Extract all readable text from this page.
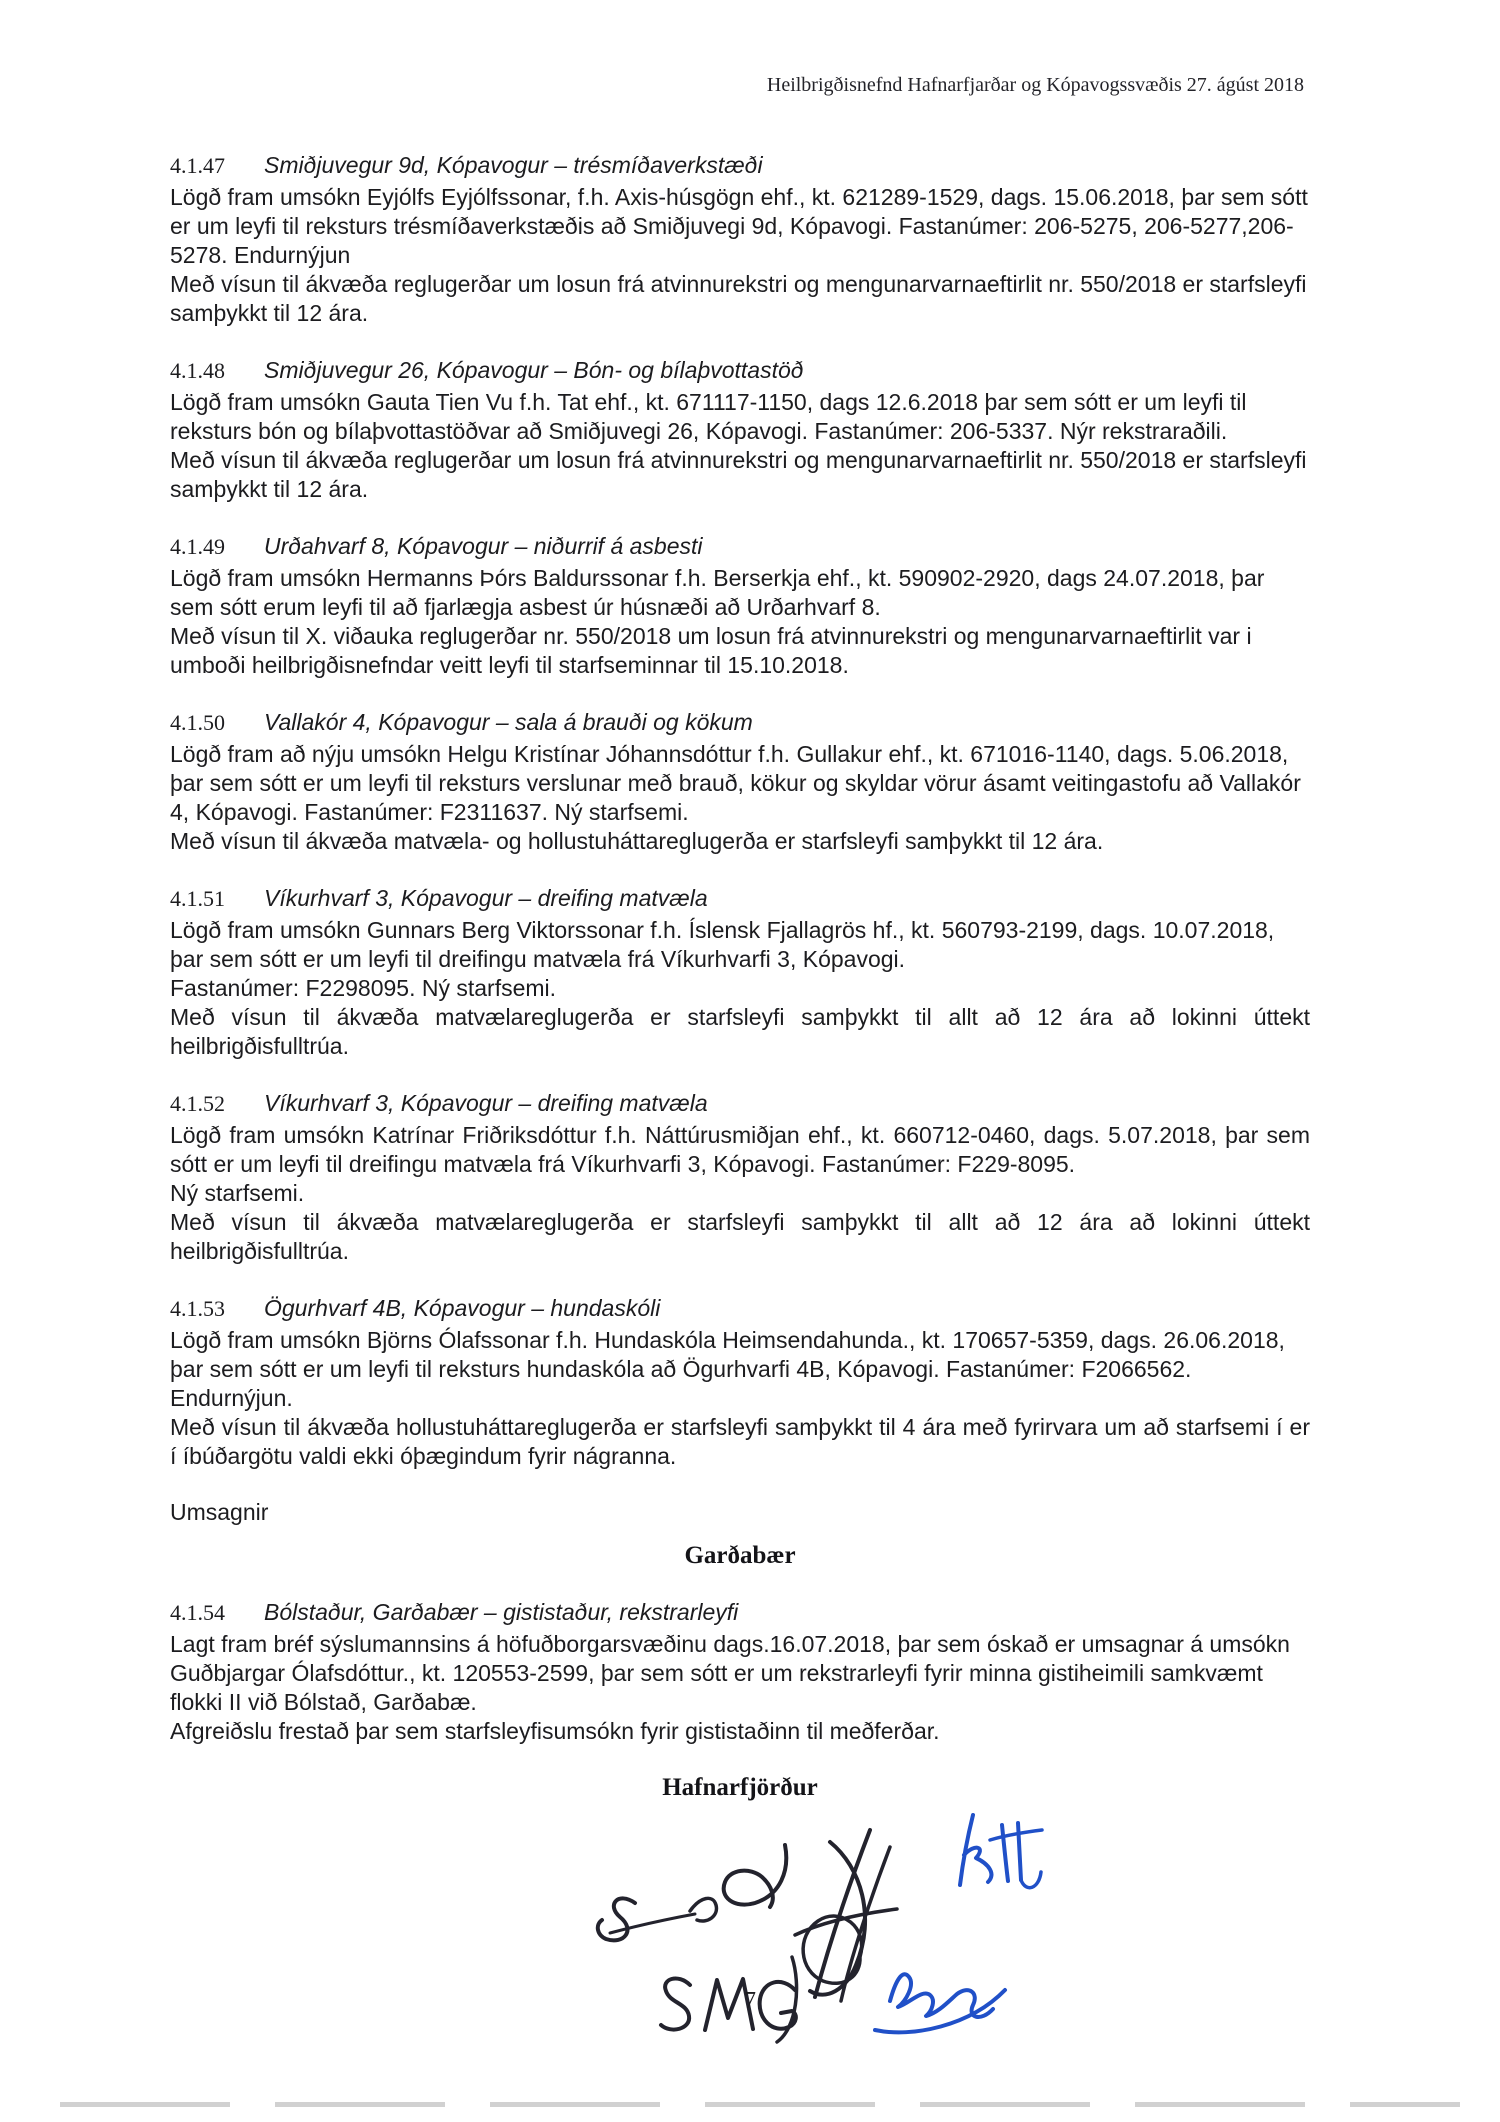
Heilbrigðisnefnd Hafnarfjarðar og Kópavogssvæðis 27. ágúst 2018
4.1.47 Smiðjuvegur 9d, Kópavogur – trésmíðaverkstæði

Lögð fram umsókn Eyjólfs Eyjólfssonar, f.h. Axis-húsgögn ehf., kt. 621289-1529, dags. 15.06.2018, þar sem sótt er um leyfi til reksturs trésmíðaverkstæðis að Smiðjuvegi 9d, Kópavogi. Fastanúmer: 206-5275, 206-5277,206-5278. Endurnýjun

Með vísun til ákvæða reglugerðar um losun frá atvinnurekstri og mengunarvarnaeftirlit nr. 550/2018 er starfsleyfi samþykkt til 12 ára.

4.1.48 Smiðjuvegur 26, Kópavogur – Bón- og bílaþvottastöð

Lögð fram umsókn Gauta Tien Vu f.h. Tat ehf., kt. 671117-1150, dags 12.6.2018 þar sem sótt er um leyfi til reksturs bón og bílaþvottastöðvar að Smiðjuvegi 26, Kópavogi. Fastanúmer: 206-5337. Nýr rekstraraðili.

Með vísun til ákvæða reglugerðar um losun frá atvinnurekstri og mengunarvarnaeftirlit nr. 550/2018 er starfsleyfi samþykkt til 12 ára.

4.1.49 Urðahvarf 8, Kópavogur – niðurrif á asbesti

Lögð fram umsókn Hermanns Þórs Baldurssonar f.h. Berserkja ehf., kt. 590902-2920, dags 24.07.2018, þar sem sótt erum leyfi til að fjarlægja asbest úr húsnæði að Urðarhvarf 8.

Með vísun til X. viðauka reglugerðar nr. 550/2018 um losun frá atvinnurekstri og mengunarvarnaeftirlit var i umboði heilbrigðisnefndar veitt leyfi til starfseminnar til 15.10.2018.

4.1.50 Vallakór 4, Kópavogur – sala á brauði og kökum

Lögð fram að nýju umsókn Helgu Kristínar Jóhannsdóttur f.h. Gullakur ehf., kt. 671016-1140, dags. 5.06.2018, þar sem sótt er um leyfi til reksturs verslunar með brauð, kökur og skyldar vörur ásamt veitingastofu að Vallakór 4, Kópavogi. Fastanúmer: F2311637. Ný starfsemi.

Með vísun til ákvæða matvæla- og hollustuháttareglugerða er starfsleyfi samþykkt til 12 ára.

4.1.51 Víkurhvarf 3, Kópavogur – dreifing matvæla

Lögð fram umsókn Gunnars Berg Viktorssonar f.h. Íslensk Fjallagrös hf., kt. 560793-2199, dags. 10.07.2018, þar sem sótt er um leyfi til dreifingu matvæla frá Víkurhvarfi 3, Kópavogi.

Fastanúmer: F2298095. Ný starfsemi.

Með vísun til ákvæða matvælareglugerða er starfsleyfi samþykkt til allt að 12 ára að lokinni úttekt heilbrigðisfulltrúa.

4.1.52 Víkurhvarf 3, Kópavogur – dreifing matvæla

Lögð fram umsókn Katrínar Friðriksdóttur f.h. Náttúrusmiðjan ehf., kt. 660712-0460, dags. 5.07.2018, þar sem sótt er um leyfi til dreifingu matvæla frá Víkurhvarfi 3, Kópavogi. Fastanúmer: F229-8095.

Ný starfsemi.

Með vísun til ákvæða matvælareglugerða er starfsleyfi samþykkt til allt að 12 ára að lokinni úttekt heilbrigðisfulltrúa.

4.1.53 Ögurhvarf 4B, Kópavogur – hundaskóli

Lögð fram umsókn Björns Ólafssonar f.h. Hundaskóla Heimsendahunda., kt. 170657-5359, dags. 26.06.2018, þar sem sótt er um leyfi til reksturs hundaskóla að Ögurhvarfi 4B, Kópavogi. Fastanúmer: F2066562. Endurnýjun.

Með vísun til ákvæða hollustuháttareglugerða er starfsleyfi samþykkt til 4 ára með fyrirvara um að starfsemi í er í íbúðargötu valdi ekki óþægindum fyrir nágranna.

Umsagnir

Garðabær
4.1.54 Bólstaður, Garðabær – gististaður, rekstrarleyfi

Lagt fram bréf sýslumannsins á höfuðborgarsvæðinu dags.16.07.2018, þar sem óskað er umsagnar á umsókn Guðbjargar Ólafsdóttur., kt. 120553-2599, þar sem sótt er um rekstrarleyfi fyrir minna gistiheimili samkvæmt flokki II við Bólstað, Garðabæ.

Afgreiðslu frestað þar sem starfsleyfisumsókn fyrir gististaðinn til meðferðar.

Hafnarfjörður
7
